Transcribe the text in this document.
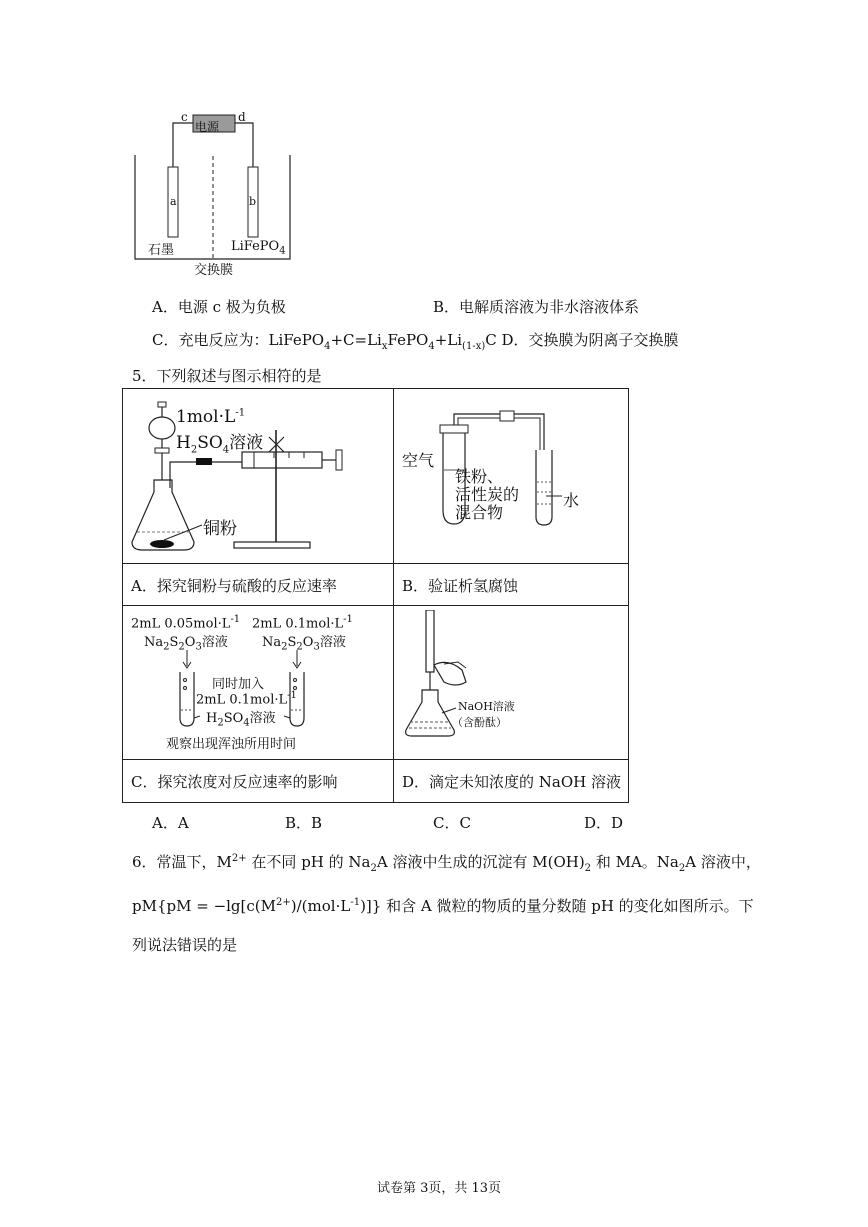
电源
c	d
a	b
石墨	LiFePO$_4$
交换膜
A．电源 c 极为负极	B．电解质溶液为非水溶液体系
C．充电反应为：$LiFePO_4+C=Li_xFePO_4+Li_{(1-x)}C$ D．交换膜为阴离子交换膜
5．下列叙述与图示相符的是
$1mol\cdot L^{-1}$
$H_2SO_4$溶液
铜粉
空气
铁粉、
活性炭的
混合物
水
A．探究铜粉与硫酸的反应速率	B．验证析氢腐蚀
2mL $0.05mol\cdot L^{-1}$
$Na_2S_2O_3$溶液
2mL $0.1mol\cdot L^{-1}$
$Na_2S_2O_3$溶液
同时加入
2mL $0.1mol\cdot L^{-1}$
$H_2SO_4$溶液
观察出现浑浊所用时间
NaOH溶液
（含酚酞）
C．探究浓度对反应速率的影响	D．滴定未知浓度的 NaOH 溶液
A．A	B．B	C．C	D．D
6．常温下，$M^{2+}$ 在不同 pH 的 $Na_2A$ 溶液中生成的沉淀有 $M(OH)_2$ 和 MA。$Na_2A$ 溶液中，
$pM\{pM = -\lg[c(M^{2+})/(mol\cdot L^{-1})]\}$ 和含 A 微粒的物质的量分数随 pH 的变化如图所示。下
列说法错误的是
试卷第 3页，共 13页
